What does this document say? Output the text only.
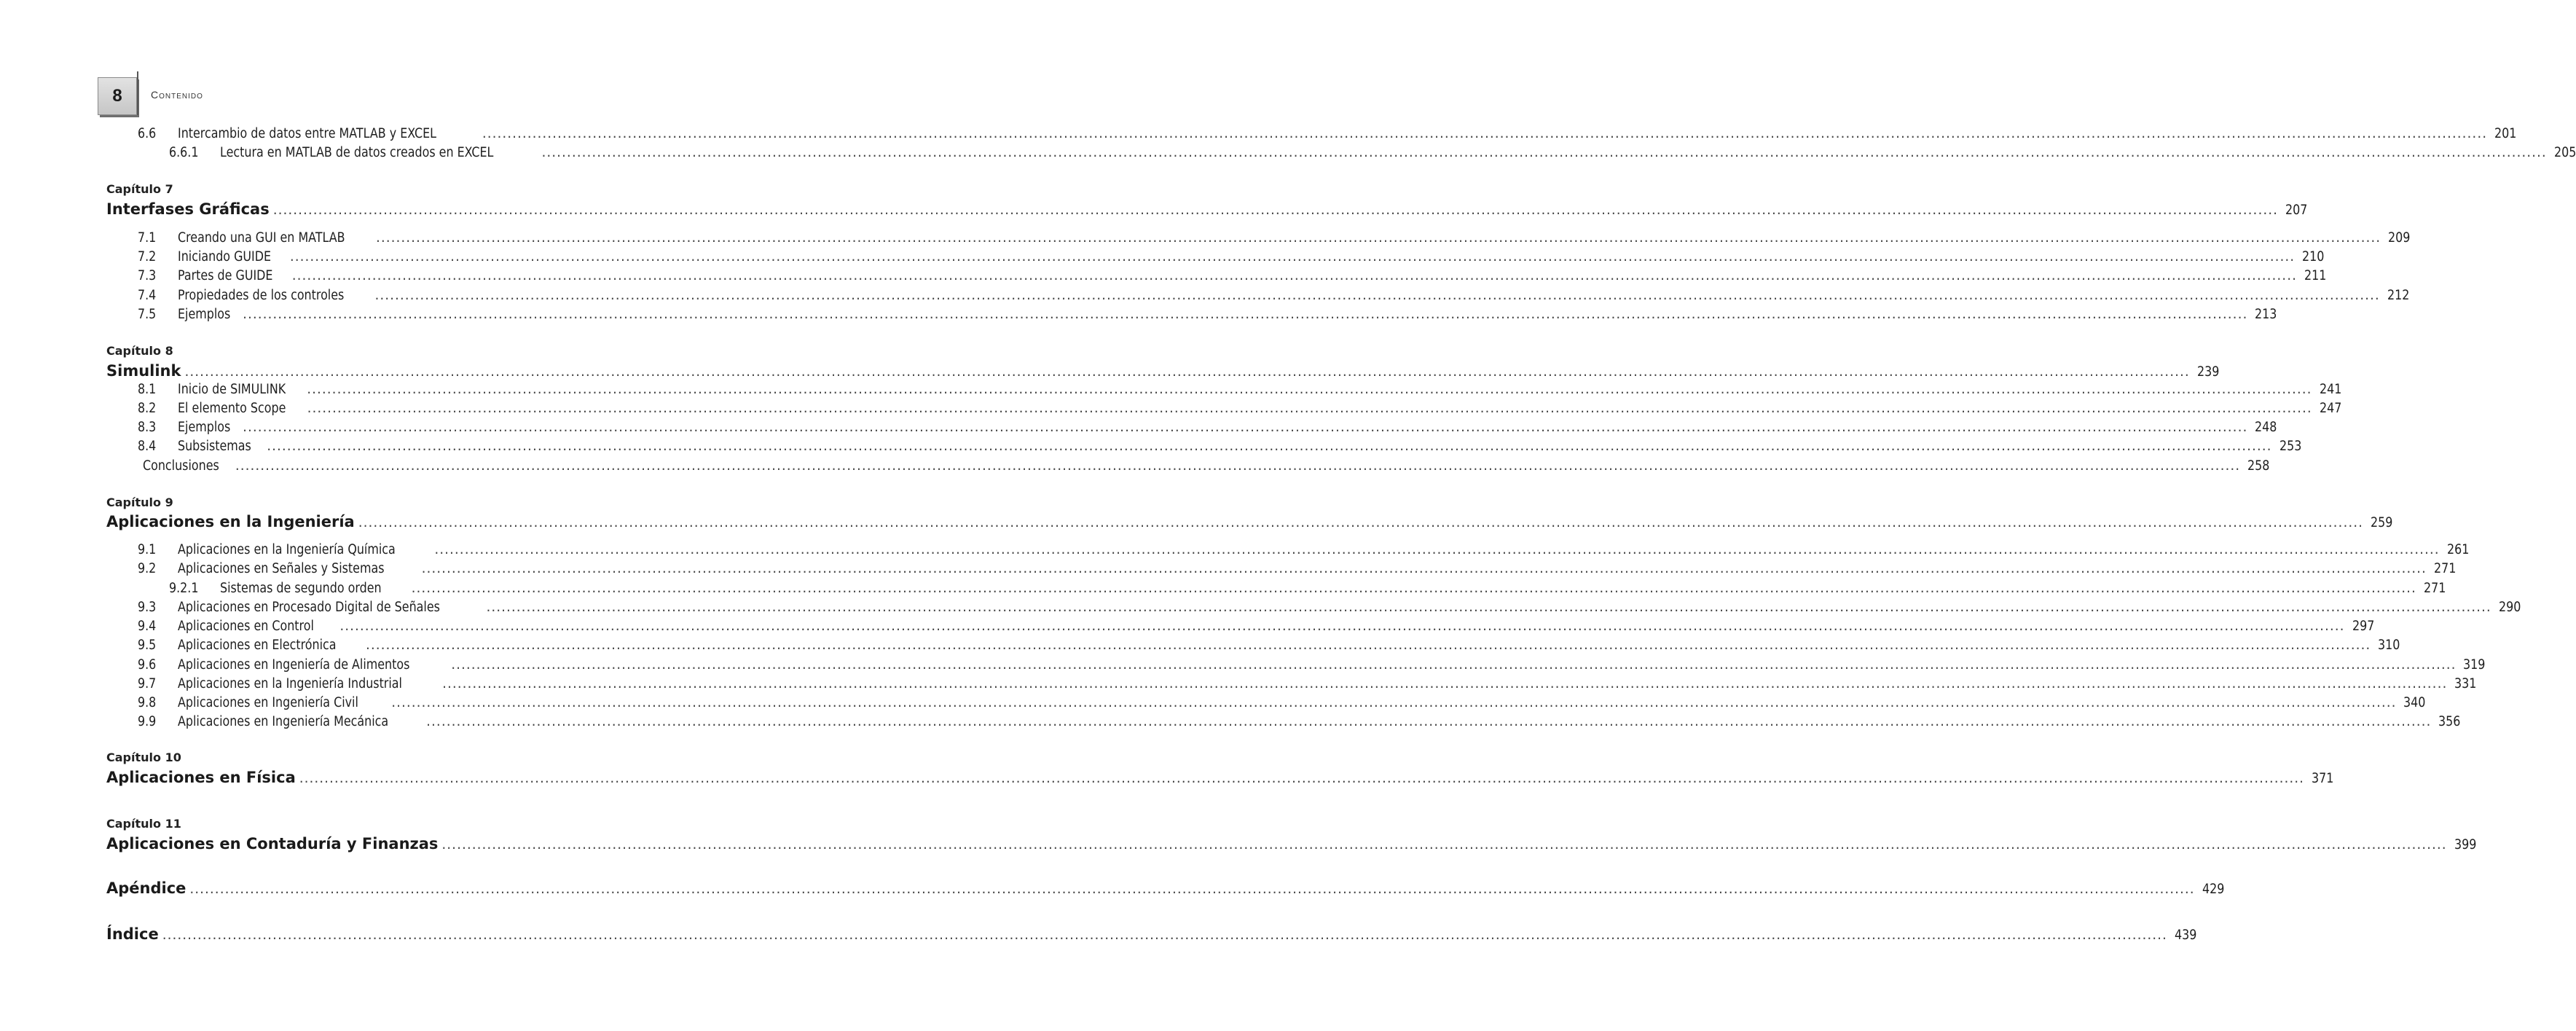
8	Contenido
6.6	Intercambio de datos entre MATLAB y EXCEL	................................................................................................................................................................................................................................................................................................................................................................................................................ 201
6.6.1	Lectura en MATLAB de datos creados en EXCEL	................................................................................................................................................................................................................................................................................................................................................................................................................ 205
Capítulo 7
Interfases Gráficas ................................................................................................................................................................................................................................................................................................................................................................................................................ 207
7.1	Creando una GUI en MATLAB ................................................................................................................................................................................................................................................................................................................................................................................................................ 209
7.2	Iniciando GUIDE ................................................................................................................................................................................................................................................................................................................................................................................................................ 210
7.3	Partes de GUIDE ................................................................................................................................................................................................................................................................................................................................................................................................................ 211
7.4	Propiedades de los controles ................................................................................................................................................................................................................................................................................................................................................................................................................ 212
7.5	Ejemplos ................................................................................................................................................................................................................................................................................................................................................................................................................ 213
Capítulo 8
Simulink ................................................................................................................................................................................................................................................................................................................................................................................................................ 239
8.1	Inicio de SIMULINK ................................................................................................................................................................................................................................................................................................................................................................................................................ 241
8.2	El elemento Scope ................................................................................................................................................................................................................................................................................................................................................................................................................ 247
8.3	Ejemplos ................................................................................................................................................................................................................................................................................................................................................................................................................ 248
8.4	Subsistemas ................................................................................................................................................................................................................................................................................................................................................................................................................ 253
Conclusiones ................................................................................................................................................................................................................................................................................................................................................................................................................ 258
Capítulo 9
Aplicaciones en la Ingeniería ................................................................................................................................................................................................................................................................................................................................................................................................................ 259
9.1	Aplicaciones en la Ingeniería Química	................................................................................................................................................................................................................................................................................................................................................................................................................ 261
9.2	Aplicaciones en Señales y Sistemas	................................................................................................................................................................................................................................................................................................................................................................................................................ 271
9.2.1	Sistemas de segundo orden ................................................................................................................................................................................................................................................................................................................................................................................................................ 271
9.3	Aplicaciones en Procesado Digital de Señales	................................................................................................................................................................................................................................................................................................................................................................................................................ 290
9.4	Aplicaciones en Control ................................................................................................................................................................................................................................................................................................................................................................................................................ 297
9.5	Aplicaciones en Electrónica ................................................................................................................................................................................................................................................................................................................................................................................................................ 310
9.6	Aplicaciones en Ingeniería de Alimentos	................................................................................................................................................................................................................................................................................................................................................................................................................ 319
9.7	Aplicaciones en la Ingeniería Industrial	................................................................................................................................................................................................................................................................................................................................................................................................................ 331
9.8	Aplicaciones en Ingeniería Civil ................................................................................................................................................................................................................................................................................................................................................................................................................ 340
9.9	Aplicaciones en Ingeniería Mecánica	................................................................................................................................................................................................................................................................................................................................................................................................................ 356
Capítulo 10
Aplicaciones en Física ................................................................................................................................................................................................................................................................................................................................................................................................................ 371
Capítulo 11
Aplicaciones en Contaduría y Finanzas ................................................................................................................................................................................................................................................................................................................................................................................................................ 399
Apéndice ................................................................................................................................................................................................................................................................................................................................................................................................................ 429
Índice ................................................................................................................................................................................................................................................................................................................................................................................................................ 439
